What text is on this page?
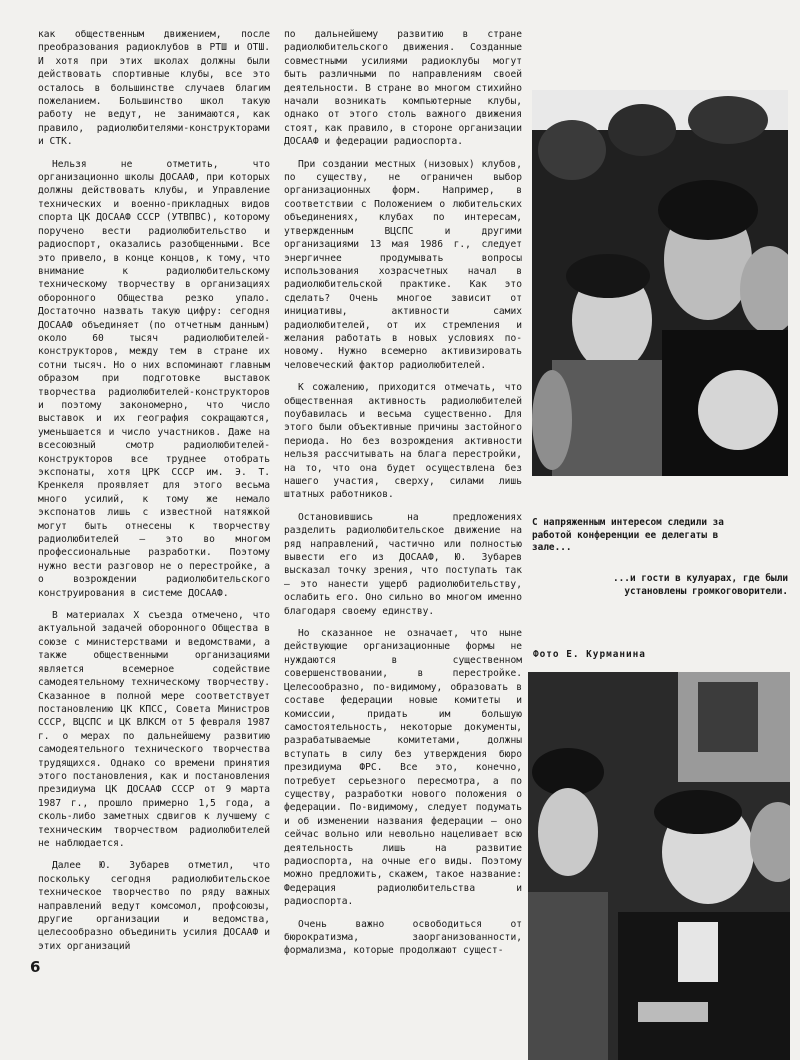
как общественным движением, после преобразования радиоклубов в РТШ и ОТШ. И хотя при этих школах должны были действовать спортивные клубы, все это осталось в большинстве случаев благим пожеланием. Большинство школ такую работу не ведут, не занимаются, как правило, радиолюбителями-конструкторами и СТК.

Нельзя не отметить, что организационно школы ДОСААФ, при которых должны действовать клубы, и Управление технических и военно-прикладных видов спорта ЦК ДОСААФ СССР (УТВПВС), которому поручено вести радиолюбительство и радиоспорт, оказались разобщенными. Все это привело, в конце концов, к тому, что внимание к радиолюбительскому техническому творчеству в организациях оборонного Общества резко упало. Достаточно назвать такую цифру: сегодня ДОСААФ объединяет (по отчетным данным) около 60 тысяч радиолюбителей-конструкторов, между тем в стране их сотни тысяч. Но о них вспоминают главным образом при подготовке выставок творчества радиолюбителей-конструкторов и поэтому закономерно, что число выставок и их география сокращаются, уменьшается и число участников. Даже на всесоюзный смотр радиолюбителей-конструкторов все труднее отобрать экспонаты, хотя ЦРК СССР им. Э. Т. Кренкеля проявляет для этого весьма много усилий, к тому же немало экспонатов лишь с известной натяжкой могут быть отнесены к творчеству радиолюбителей — это во многом профессиональные разработки. Поэтому нужно вести разговор не о перестройке, а о возрождении радиолюбительского конструирования в системе ДОСААФ.

В материалах X съезда отмечено, что актуальной задачей оборонного Общества в союзе с министерствами и ведомствами, а также общественными организациями является всемерное содействие самодеятельному техническому творчеству. Сказанное в полной мере соответствует постановлению ЦК КПСС, Совета Министров СССР, ВЦСПС и ЦК ВЛКСМ от 5 февраля 1987 г. о мерах по дальнейшему развитию самодеятельного технического творчества трудящихся. Однако со времени принятия этого постановления, как и постановления президиума ЦК ДОСААФ СССР от 9 марта 1987 г., прошло примерно 1,5 года, а сколь-либо заметных сдвигов к лучшему с техническим творчеством радиолюбителей не наблюдается.

Далее Ю. Зубарев отметил, что поскольку сегодня радиолюбительское техническое творчество по ряду важных направлений ведут комсомол, профсоюзы, другие организации и ведомства, целесообразно объединить усилия ДОСААФ и этих организаций

по дальнейшему развитию в стране радиолюбительского движения. Созданные совместными усилиями радиоклубы могут быть различными по направлениям своей деятельности. В стране во многом стихийно начали возникать компьютерные клубы, однако от этого столь важного движения стоят, как правило, в стороне организации ДОСААФ и федерации радиоспорта.

При создании местных (низовых) клубов, по существу, не ограничен выбор организационных форм. Например, в соответствии с Положением о любительских объединениях, клубах по интересам, утвержденным ВЦСПС и другими организациями 13 мая 1986 г., следует энергичнее продумывать вопросы использования хозрасчетных начал в радиолюбительской практике. Как это сделать? Очень многое зависит от инициативы, активности самих радиолюбителей, от их стремления и желания работать в новых условиях по-новому. Нужно всемерно активизировать человеческий фактор радиолюбителей.

К сожалению, приходится отмечать, что общественная активность радиолюбителей поубавилась и весьма существенно. Для этого были объективные причины застойного периода. Но без возрождения активности нельзя рассчитывать на блага перестройки, на то, что она будет осуществлена без нашего участия, сверху, силами лишь штатных работников.

Остановившись на предложениях разделить радиолюбительское движение на ряд направлений, частично или полностью вывести его из ДОСААФ, Ю. Зубарев высказал точку зрения, что поступать так — это нанести ущерб радиолюбительству, ослабить его. Оно сильно во многом именно благодаря своему единству.

Но сказанное не означает, что ныне действующие организационные формы не нуждаются в существенном совершенствовании, в перестройке. Целесообразно, по-видимому, образовать в составе федерации новые комитеты и комиссии, придать им большую самостоятельность, некоторые документы, разрабатываемые комитетами, должны вступать в силу без утверждения бюро президиума ФРС. Все это, конечно, потребует серьезного пересмотра, а по существу, разработки нового положения о федерации. По-видимому, следует подумать и об изменении названия федерации — оно сейчас вольно или невольно нацеливает всю деятельность лишь на развитие радиоспорта, на очные его виды. Поэтому можно предложить, скажем, такое название: Федерация радиолюбительства и радиоспорта.

Очень важно освободиться от бюрократизма, заорганизованности, формализма, которые продолжают сущест-

С напряженным интересом следили за работой конференции ее делегаты в зале...
...и гости в кулуарах, где были установлены громкоговорители.
Фото Е. Курманина
6
